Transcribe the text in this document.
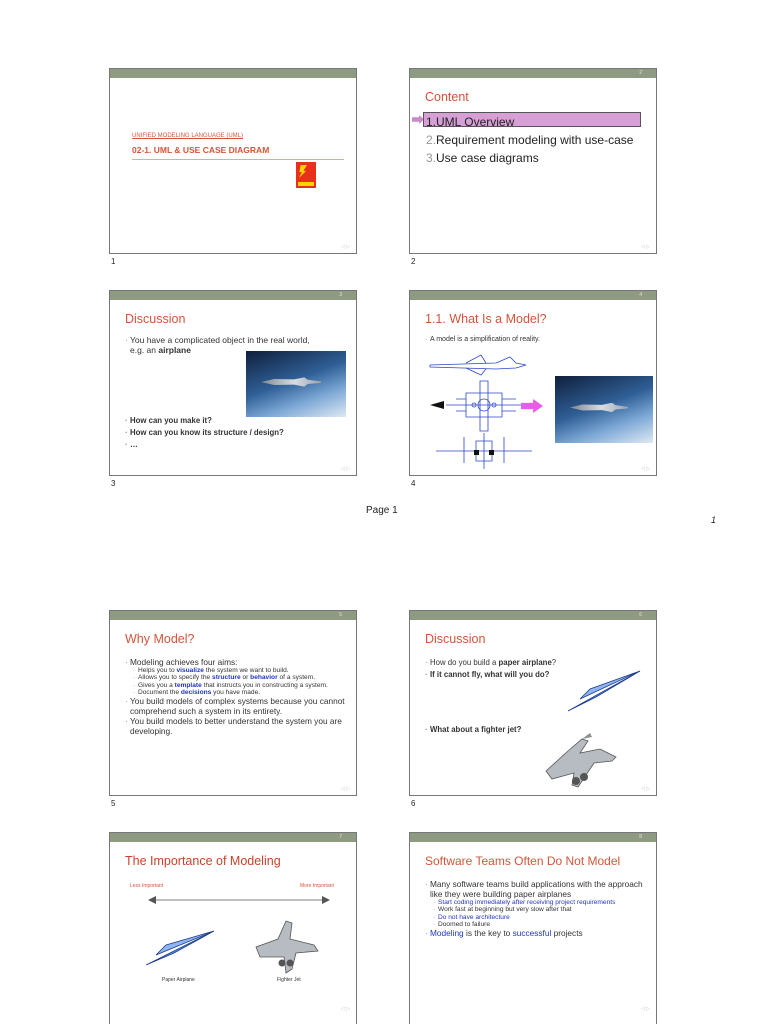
UNIFIED MODELING LANGUAGE (UML)
02-1. UML & USE CASE DIAGRAM
◁ ▷
1
2
Content
1.UML Overview
2.Requirement modeling with use-case
3.Use case diagrams
◁ ▷
2
3
Discussion

· You have a complicated object in the real world,
e.g. an airplane

· How can you make it?

· How can you know its structure / design?

· …

◁ ▷
3
4
1.1. What Is a Model?

· A model is a simplification of reality.

◁ ▷
4
Page 1
1
5
Why Model?

· Modeling achieves four aims:

· Helps you to visualize the system we want to build.

· Allows you to specify the structure or behavior of a system.

· Gives you a template that instructs you in constructing a system.

· Document the decisions you have made.

· You build models of complex systems because you cannot comprehend such a system in its entirety.

· You build models to better understand the system you are developing.

◁ ▷
5
6
Discussion

· How do you build a paper airplane?

· If it cannot fly, what will you do?

· What about a fighter jet?

◁ ▷
6
7
The Importance of Modeling
Less Important	More Important
Paper Airplane	Fighter Jet
◁ ▷
8
Software Teams Often Do Not Model

· Many software teams build applications with the approach like they were building paper airplanes

· Start coding immediately after receiving project requirements

· Work fast at beginning but very slow after that

· Do not have architecture

· Doomed to failure

· Modeling is the key to successful projects

◁ ▷
